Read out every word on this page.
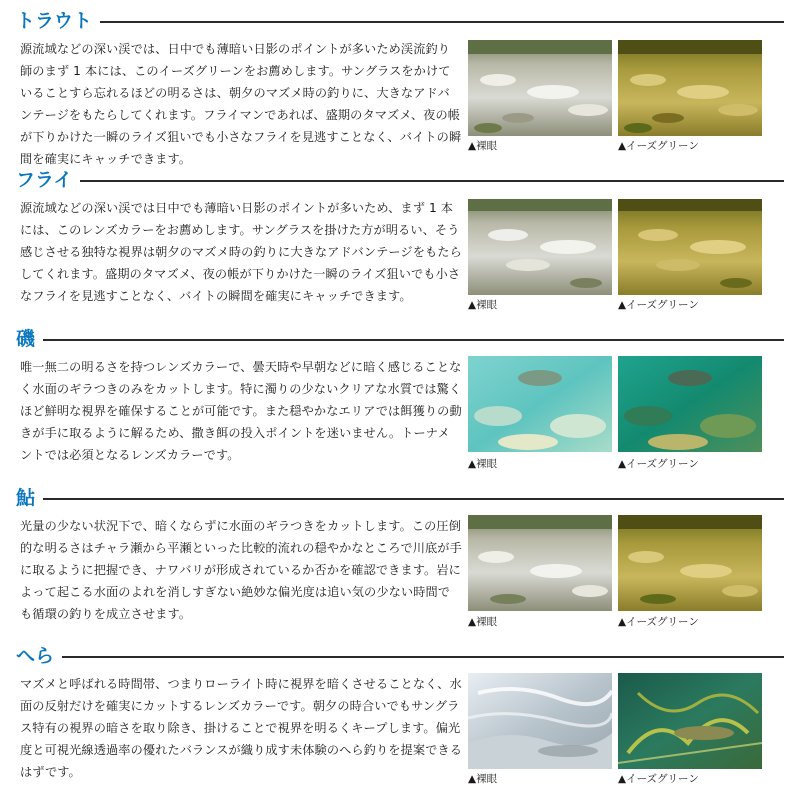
トラウト

源流域などの深い渓では、日中でも薄暗い日影のポイントが多いため渓流釣り師のまず 1 本には、このイーズグリーンをお薦めします。サングラスをかけていることすら忘れるほどの明るさは、朝夕のマズメ時の釣りに、大きなアドバンテージをもたらしてくれます。フライマンであれば、盛期のタマズメ、夜の帳が下りかけた一瞬のライズ狙いでも小さなフライを見逃すことなく、バイトの瞬間を確実にキャッチできます。

▲裸眼	▲イーズグリーン
フライ

源流域などの深い渓では日中でも薄暗い日影のポイントが多いため、まず 1 本には、このレンズカラーをお薦めします。サングラスを掛けた方が明るい、そう感じさせる独特な視界は朝夕のマズメ時の釣りに大きなアドバンテージをもたらしてくれます。盛期のタマズメ、夜の帳が下りかけた一瞬のライズ狙いでも小さなフライを見逃すことなく、バイトの瞬間を確実にキャッチできます。

▲裸眼	▲イーズグリーン
磯

唯一無二の明るさを持つレンズカラーで、曇天時や早朝などに暗く感じることなく水面のギラつきのみをカットします。特に濁りの少ないクリアな水質では驚くほど鮮明な視界を確保することが可能です。また穏やかなエリアでは餌獲りの動きが手に取るように解るため、撒き餌の投入ポイントを迷いません。トーナメントでは必須となるレンズカラーです。

▲裸眼	▲イーズグリーン
鮎

光量の少ない状況下で、暗くならずに水面のギラつきをカットします。この圧倒的な明るさはチャラ瀬から平瀬といった比較的流れの穏やかなところで川底が手に取るように把握でき、ナワバリが形成されているか否かを確認できます。岩によって起こる水面のよれを消しすぎない絶妙な偏光度は追い気の少ない時間でも循環の釣りを成立させます。

▲裸眼	▲イーズグリーン
へら

マズメと呼ばれる時間帯、つまりローライト時に視界を暗くさせることなく、水面の反射だけを確実にカットするレンズカラーです。朝夕の時合いでもサングラス特有の視界の暗さを取り除き、掛けることで視界を明るくキープします。偏光度と可視光線透過率の優れたバランスが織り成す未体験のへら釣りを提案できるはずです。	▲裸眼	▲イーズグリーン
